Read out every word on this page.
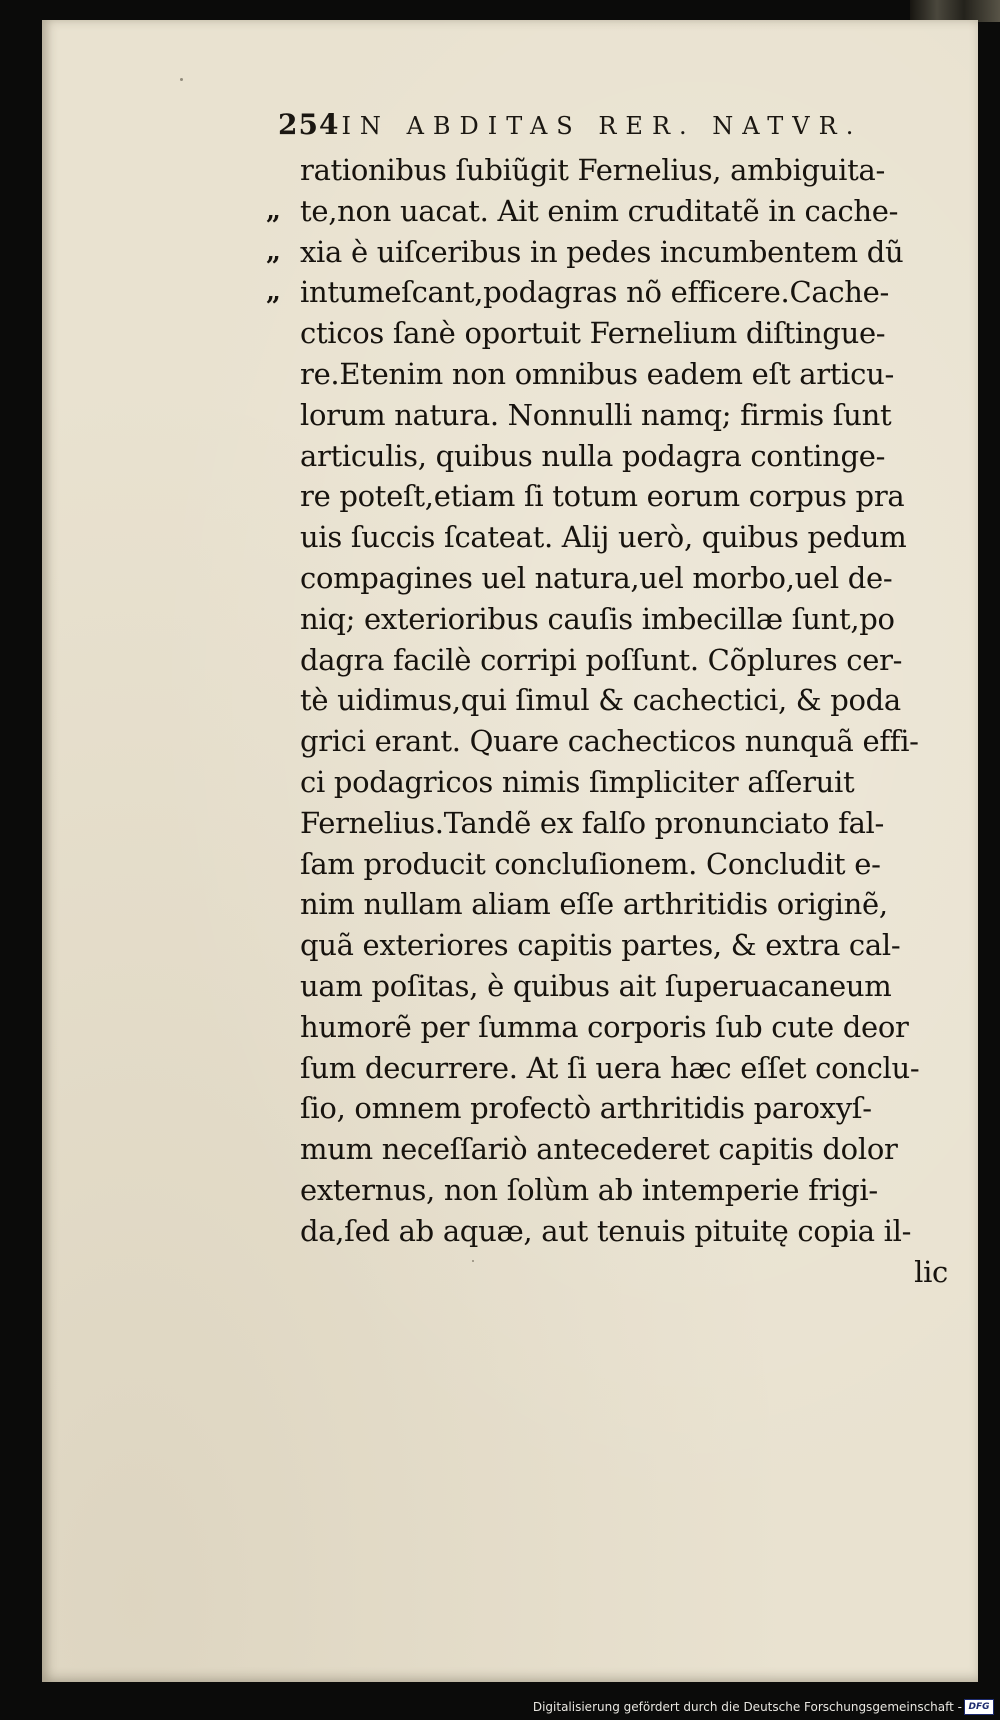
254IN ABDITAS RER. NATVR.
rationibus ſubiũgit Fernelius, ambiguita-
„ te,non uacat. Ait enim cruditatẽ in cache-
„ xia è uiſceribus in pedes incumbentem dũ
„ intumeſcant,podagras nõ efficere.Cache-
cticos ſanè oportuit Fernelium diſtingue-
re.Etenim non omnibus eadem eſt articu-
lorum natura. Nonnulli namq; firmis ſunt
articulis, quibus nulla podagra continge-
re poteſt,etiam ſi totum eorum corpus pra
uis ſuccis ſcateat. Alij uerò, quibus pedum
compagines uel natura,uel morbo,uel de-
niq; exterioribus cauſis imbecillæ ſunt,po
dagra facilè corripi poſſunt. Cõplures cer-
tè uidimus,qui ſimul & cachectici, & poda
grici erant. Quare cachecticos nunquã effi-
ci podagricos nimis ſimpliciter aſſeruit
Fernelius.Tandẽ ex falſo pronunciato fal-
ſam producit concluſionem. Concludit e-
nim nullam aliam eſſe arthritidis originẽ,
quã exteriores capitis partes, & extra cal-
uam poſitas, è quibus ait ſuperuacaneum
humorẽ per ſumma corporis ſub cute deor
ſum decurrere. At ſi uera hæc eſſet conclu-
ſio, omnem profectò arthritidis paroxyſ-
mum neceſſariò antecederet capitis dolor
externus, non ſolùm ab intemperie frigi-
da,ſed ab aquæ, aut tenuis pituitę copia il-
lic
Digitalisierung gefördert durch die Deutsche Forschungsgemeinschaft - DFG
